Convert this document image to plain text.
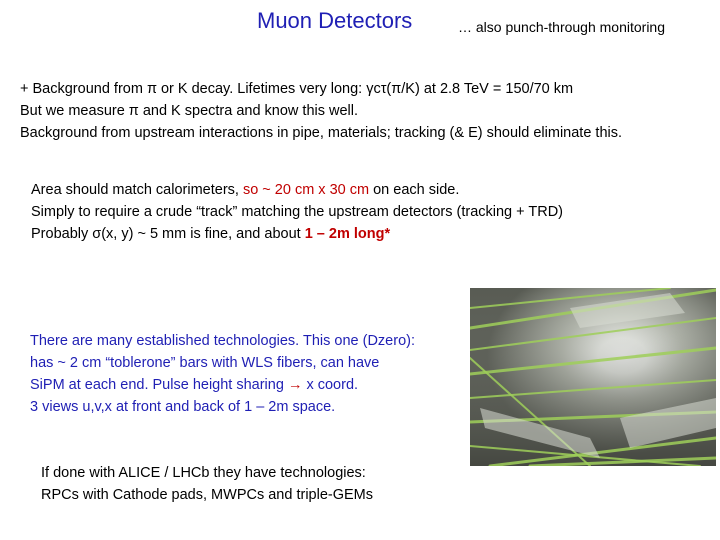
Muon Detectors	… also punch-through monitoring
+ Background from π or K decay. Lifetimes very long: γcτ(π/K) at 2.8 TeV = 150/70 km
But we measure π and K spectra and know this well.
Background from upstream interactions in pipe, materials; tracking (& E) should eliminate this.
Area should match calorimeters, so ~ 20 cm x 30 cm on each side.
Simply to require a crude “track” matching the upstream detectors (tracking + TRD)
Probably σ(x, y) ~ 5 mm is fine, and about 1 – 2m long*
There are many established technologies. This one (Dzero):
has ~ 2 cm “toblerone” bars with WLS fibers, can have
SiPM at each end. Pulse height sharing → x coord.
3 views u,v,x at front and back of 1 – 2m space.
If done with ALICE / LHCb they have technologies:
RPCs with Cathode pads, MWPCs and triple-GEMs
